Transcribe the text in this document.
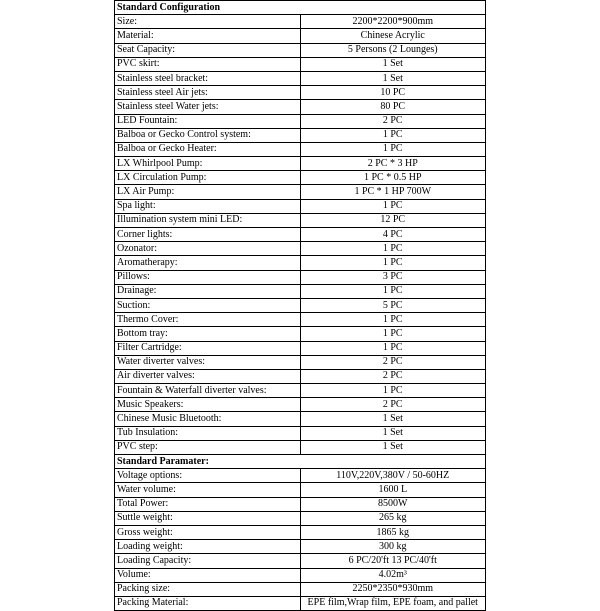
Standard Configuration	
Size:	2200*2200*900mm
Material:	Chinese Acrylic
Seat Capacity:	5 Persons (2 Lounges)
PVC skirt:	1 Set
Stainless steel bracket:	1 Set
Stainless steel Air jets:	10 PC
Stainless steel Water jets:	80 PC
LED Fountain:	2 PC
Balboa or Gecko Control system:	1 PC
Balboa or Gecko Heater:	1 PC
LX Whirlpool Pump:	2 PC * 3 HP
LX Circulation Pump:	1 PC * 0.5 HP
LX Air Pump:	1 PC * 1 HP 700W
Spa light:	1 PC
Illumination system mini LED:	12 PC
Corner lights:	4 PC
Ozonator:	1 PC
Aromatherapy:	1 PC
Pillows:	3 PC
Drainage:	1 PC
Suction:	5 PC
Thermo Cover:	1 PC
Bottom tray:	1 PC
Filter Cartridge:	1 PC
Water diverter valves:	2 PC
Air diverter valves:	2 PC
Fountain & Waterfall diverter valves:	1 PC
Music Speakers:	2 PC
Chinese Music Bluetooth:	1 Set
Tub Insulation:	1 Set
PVC step:	1 Set
Standard Paramater:	
Voltage options:	110V,220V,380V / 50-60HZ
Water volume:	1600 L
Total Power:	8500W
Suttle weight:	265 kg
Gross weight:	1865 kg
Loading weight:	300 kg
Loading Capacity:	6 PC/20'ft 13 PC/40'ft
Volume:	4.02m³
Packing size:	2250*2350*930mm
Packing Material:	EPE film,Wrap film, EPE foam, and pallet
